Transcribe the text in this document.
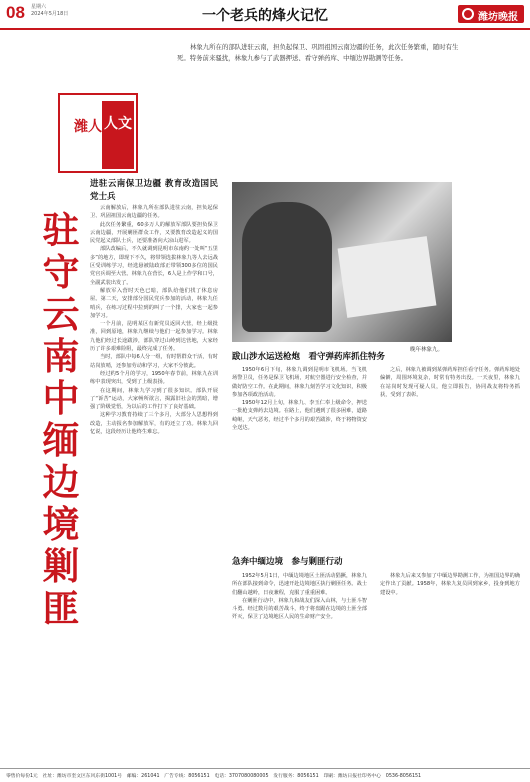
08 星期六
2024年5月18日	一个老兵的烽火记忆	潍坊晚报
林象九所在的部队进驻云南，担负起保卫、巩固祖国云南边疆的任务，此次任务繁重，随时有生死。特务前来骚扰，林象九参与了武器押送、看守弹药库、中缅边界勘测等任务。
潍人 人文
驻守云南中缅边境剿匪
进驻云南保卫边疆 教育改造国民党士兵

云南解放后，林象九所在部队进驻云南，担负起保卫、巩固祖国云南边疆的任务。

此次任务繁重，60多万人的解放军部队要担负保卫云南边疆，开展剿匪群众工作，又要教育改造起义的国民党起义部队士兵，还要准备向大凉山进军。

部队改编后，不久就调到昆明市东南约一处叫“五里多”的地方，即现下不久，将带领选拔林象九等人去远战区受训练学习，经选悬被陆政部正带领300多位的国民党官兵调至大营。林象九在营长，6人是上作学和口号，全副武装出发了。

解放军入营时天色已暗，部队给他们找了休息房屋。第二天，安排部分国民党兵参加的活动，林象九任哨兵，在练习过程中拉到的叫了一个排，大家也一起参加学习。

一个月前，昆明某区有新党员返回大营，经上级批准，回到原地，林象九继续与他们一起参加学习。林象九他们经过长途跋涉，部队穿过山岭到达营地，大家经历了许多艰难险阻，最终完成了任务。

当时，部队中每6人分一组，有时帮群众干活，有时站岗放哨，还参加劳动和学习，大家不分彼此。

经过约5个月的学习，1950年春节前，林象九在训练中表现突出，受到了上级表扬。

在这期间，林象九学习到了很多知识。部队开展了“诉苦”运动，大家畅所欲言，揭露旧社会的黑暗，增强了阶级觉悟，为以后的工作打下了良好基础。

这种学习教育持续了三个多月，大部分人思想得到改造，主动报名参加解放军，有的还立了功。林象九回忆说，这段经历让他终生难忘。

晚年林象九。
跋山涉水运送枪炮　看守弹药库抓住特务

1950年6月下旬，林象九调到昆明市飞机场。当飞机场警卫员，任务是保卫飞机场，对航空器进行安全检查，并做好防空工作。在此期间，林象九刻苦学习文化知识，积极参加各项政治活动。

1950年12月上旬，林象九、李玉仁奉上级命令，押送一批枪支弹药去边境。在路上，他们遇到了很多困难，道路崎岖，天气恶劣，经过半个多月的艰苦跋涉，终于将物资安全送达。

之后，林象九被调到某弹药库担任看守任务。弹药库地处偏僻，周围环境复杂，时常有特务出没。一天夜里，林象九在站岗时发现可疑人员，他立即报告，协同战友将特务抓获，受到了表彰。

急奔中缅边境　参与剿匪行动

1952年5月1日，中缅边境地区土匪活动猖獗，林象九所在部队接到命令，迅速开赴边境地区执行剿匪任务。战士们翻山越岭，日夜兼程，克服了重重困难。

在剿匪行动中，林象九和战友们深入山林，与土匪斗智斗勇。经过数月的艰苦战斗，终于将盘踞在边境的土匪全部歼灭，保卫了边境地区人民的生命财产安全。

林象九后来又参加了中缅边界勘测工作，为祖国边界的确定作出了贡献。1958年，林象九复员回到家乡，投身到地方建设中。

零售价每份1元　社址：潍坊市奎文区东风东街1001号　邮编：261041　广告专线：8056151　电话：3707080080005　发行服务：8056151　印刷：潍坊日报社印务中心　0536-8056151
